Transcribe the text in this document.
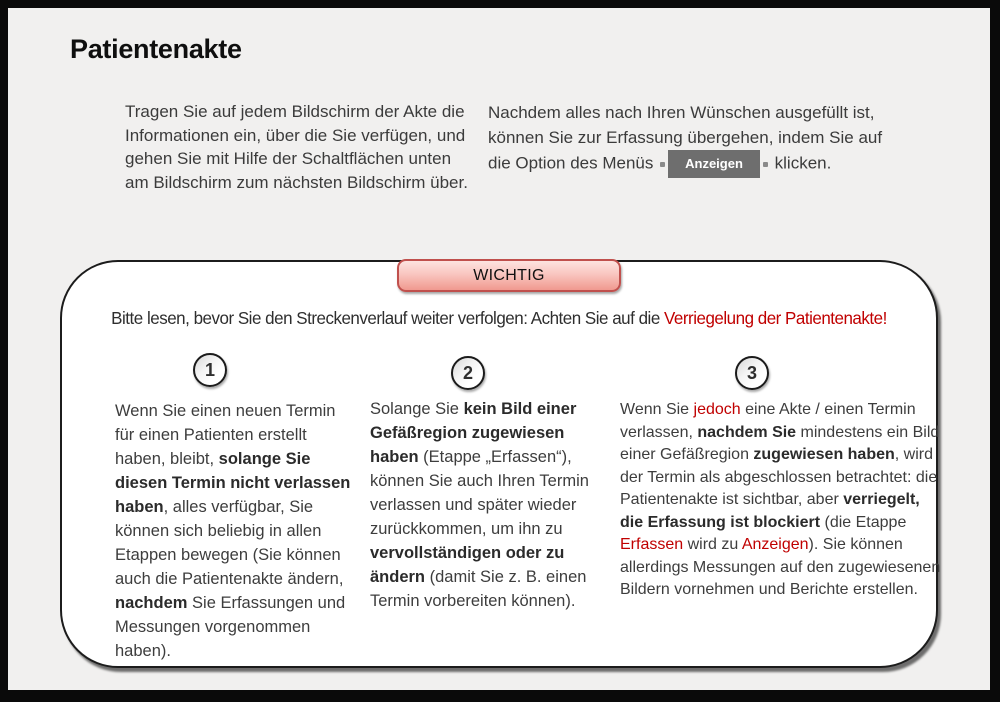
Patientenakte
Tragen Sie auf jedem Bildschirm der Akte die Informationen ein, über die Sie verfügen, und gehen Sie mit Hilfe der Schaltflächen unten am Bildschirm zum nächsten Bildschirm über.
Nachdem alles nach Ihren Wünschen ausgefüllt ist, können Sie zur Erfassung übergehen, indem Sie auf die Option des Menüs Anzeigen klicken.
Bitte lesen, bevor Sie den Streckenverlauf weiter verfolgen: Achten Sie auf die Verriegelung der Patientenakte!
1	2	3
Wenn Sie einen neuen Termin für einen Patienten erstellt haben, bleibt, solange Sie diesen Termin nicht verlassen haben, alles verfügbar, Sie können sich beliebig in allen Etappen bewegen (Sie können auch die Patientenakte ändern, nachdem Sie Erfassungen und Messungen vorgenommen haben).
Solange Sie kein Bild einer Gefäßregion zugewiesen haben (Etappe „Erfassen“), können Sie auch Ihren Termin verlassen und später wieder zurückkommen, um ihn zu vervollständigen oder zu ändern (damit Sie z. B. einen Termin vorbereiten können).
Wenn Sie jedoch eine Akte / einen Termin verlassen, nachdem Sie mindestens ein Bild einer Gefäßregion zugewiesen haben, wird der Termin als abgeschlossen betrachtet: die Patientenakte ist sichtbar, aber verriegelt, die Erfassung ist blockiert (die Etappe Erfassen wird zu Anzeigen). Sie können allerdings Messungen auf den zugewiesenen Bildern vornehmen und Berichte erstellen.
WICHTIG
